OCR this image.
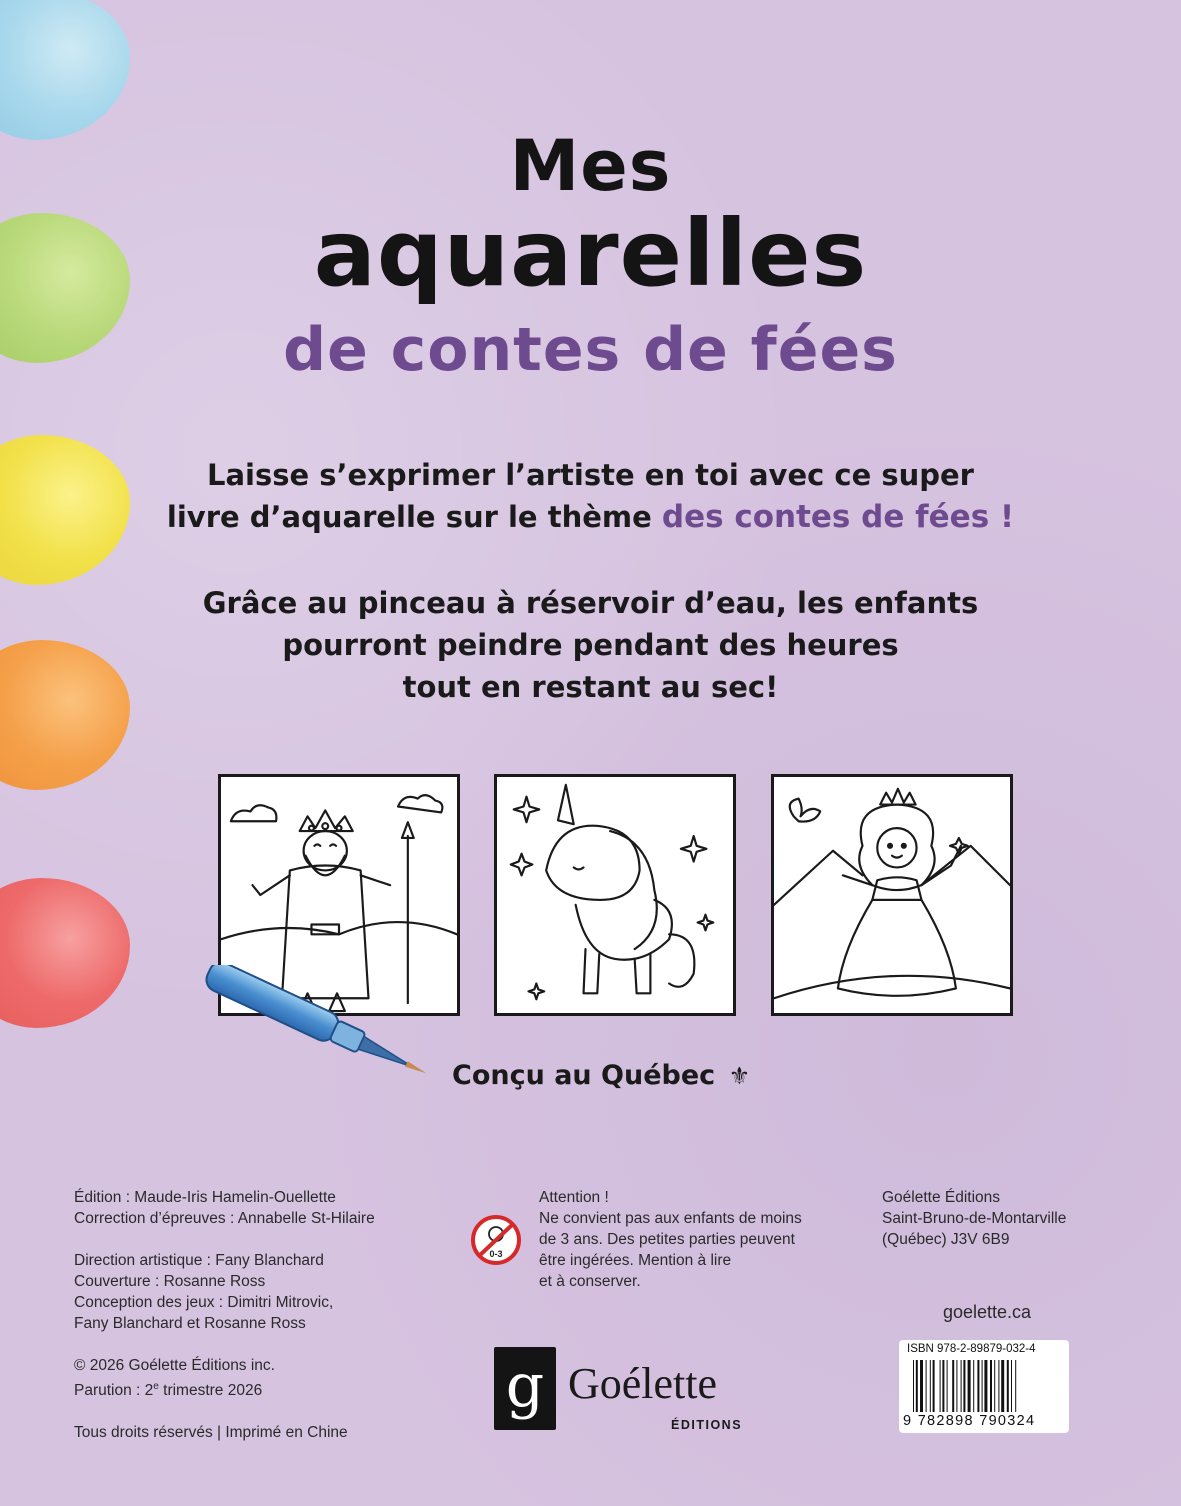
Mes
aquarelles
de contes de fées
Laisse s’exprimer l’artiste en toi avec ce super
livre d’aquarelle sur le thème des contes de fées !
Grâce au pinceau à réservoir d’eau, les enfants
pourront peindre pendant des heures
tout en restant au sec!
Conçu au Québec ⚜
Édition : Maude-Iris Hamelin-Ouellette
Correction d’épreuves : Annabelle St-Hilaire
Direction artistique : Fany Blanchard
Couverture : Rosanne Ross
Conception des jeux : Dimitri Mitrovic,
Fany Blanchard et Rosanne Ross
© 2026 Goélette Éditions inc.
Parution : 2e trimestre 2026
Tous droits réservés | Imprimé en Chine
0-3
Attention !
Ne convient pas aux enfants de moins
de 3 ans. Des petites parties peuvent
être ingérées. Mention à lire
et à conserver.
Goélette Éditions
Saint-Bruno-de-Montarville
(Québec) J3V 6B9
goelette.ca
g Goélette
ÉDITIONS
ISBN 978-2-89879-032-4
9 782898 790324
